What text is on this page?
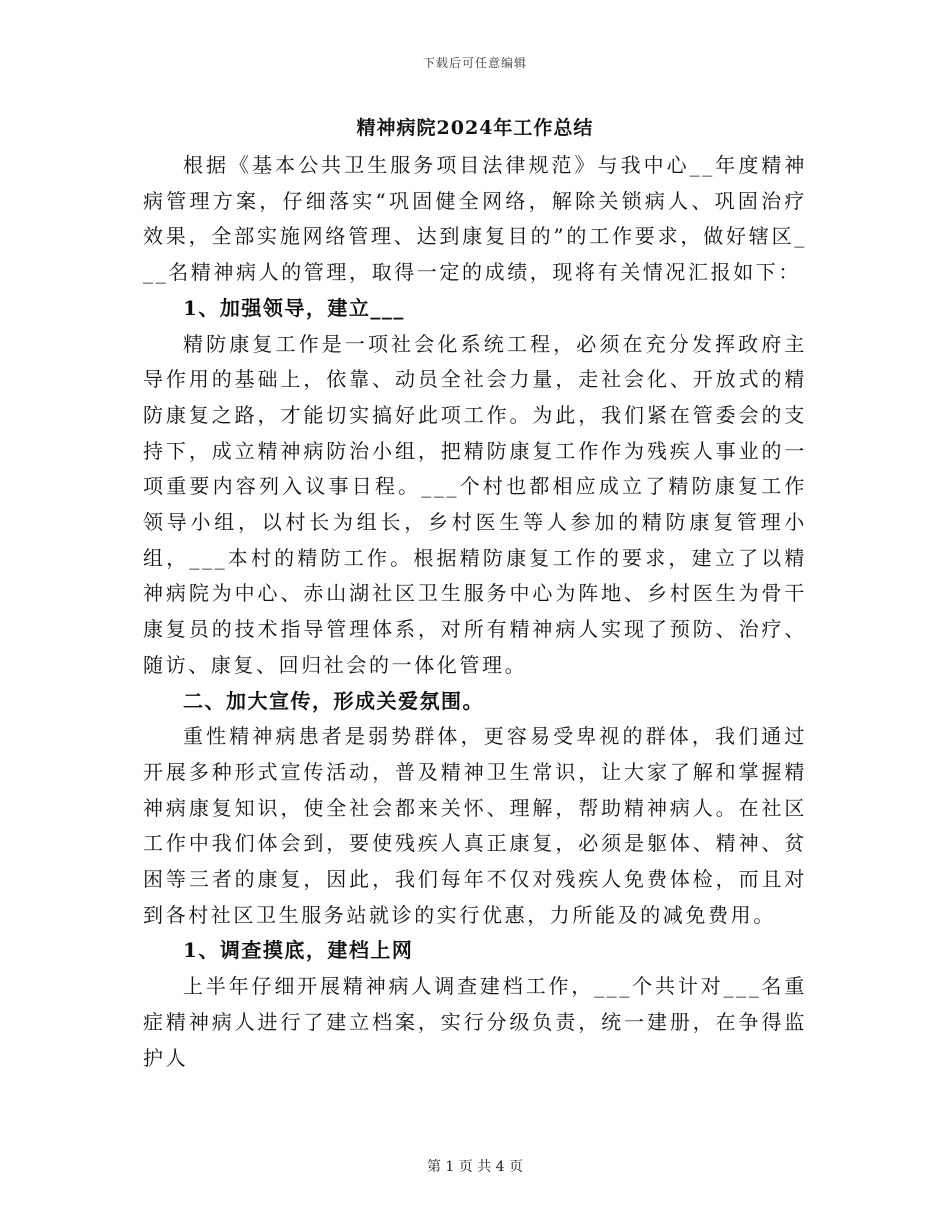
下载后可任意编辑
精神病院2024年工作总结

根据《基本公共卫生服务项目法律规范》与我中心__年度精神病管理方案，仔细落实“巩固健全网络，解除关锁病人、巩固治疗效果，全部实施网络管理、达到康复目的”的工作要求，做好辖区___名精神病人的管理，取得一定的成绩，现将有关情况汇报如下：

1、加强领导，建立___

精防康复工作是一项社会化系统工程，必须在充分发挥政府主导作用的基础上，依靠、动员全社会力量，走社会化、开放式的精防康复之路，才能切实搞好此项工作。为此，我们紧在管委会的支持下，成立精神病防治小组，把精防康复工作作为残疾人事业的一项重要内容列入议事日程。___个村也都相应成立了精防康复工作领导小组，以村长为组长，乡村医生等人参加的精防康复管理小组，___本村的精防工作。根据精防康复工作的要求，建立了以精神病院为中心、赤山湖社区卫生服务中心为阵地、乡村医生为骨干康复员的技术指导管理体系，对所有精神病人实现了预防、治疗、随访、康复、回归社会的一体化管理。

二、加大宣传，形成关爱氛围。

重性精神病患者是弱势群体，更容易受卑视的群体，我们通过开展多种形式宣传活动，普及精神卫生常识，让大家了解和掌握精神病康复知识，使全社会都来关怀、理解，帮助精神病人。在社区工作中我们体会到，要使残疾人真正康复，必须是躯体、精神、贫困等三者的康复，因此，我们每年不仅对残疾人免费体检，而且对到各村社区卫生服务站就诊的实行优惠，力所能及的减免费用。

1、调查摸底，建档上网

上半年仔细开展精神病人调查建档工作，___个共计对___名重症精神病人进行了建立档案，实行分级负责，统一建册，在争得监护人

第 1 页 共 4 页
